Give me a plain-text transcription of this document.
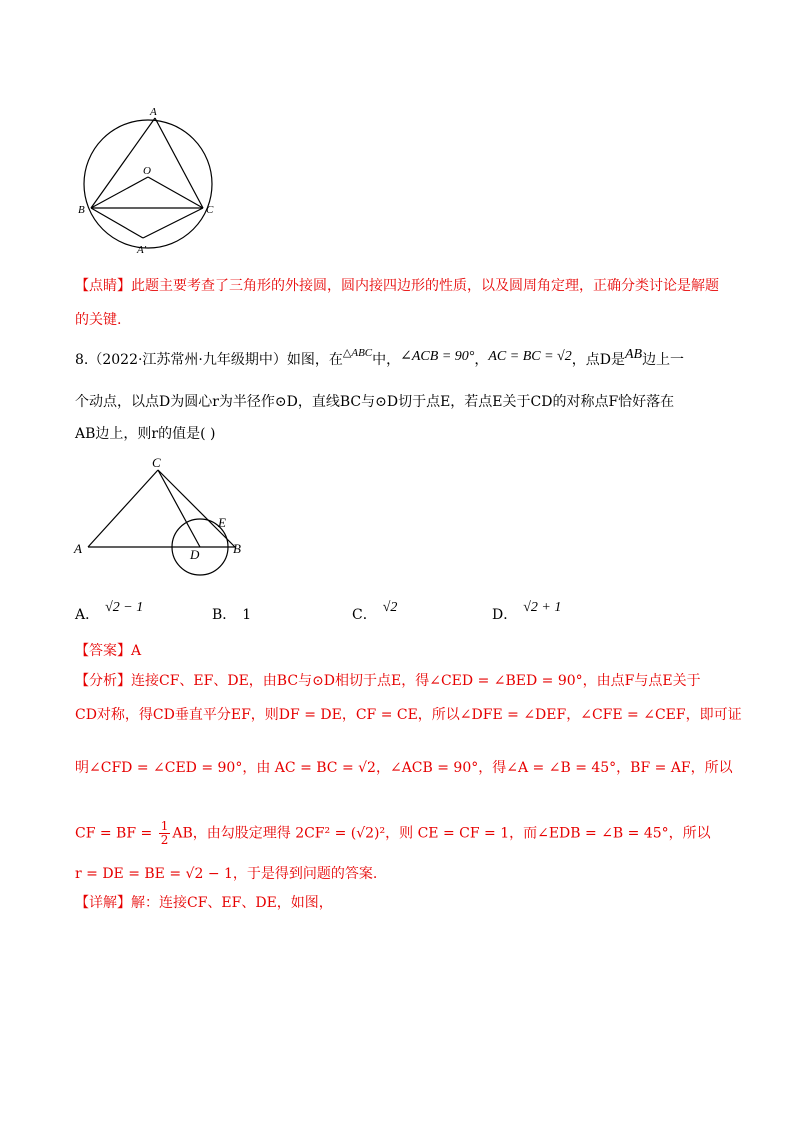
A
O
B	C
A'
【点睛】此题主要考查了三角形的外接圆，圆内接四边形的性质，以及圆周角定理，正确分类讨论是解题
的关键.
8.（2022·江苏常州·九年级期中）如图，在$^{\triangle ABC}$中，∠ACB = 90°，AC = BC = √2，点D是AB边上一
个动点，以点D为圆心r为半径作⊙D，直线BC与⊙D切于点E，若点E关于CD的对称点F恰好落在
AB边上，则r的值是( )
C
E
A	D	B
A． √2 − 1	B． 1	C． √2	D． √2 + 1
【答案】A
【分析】连接CF、EF、DE，由BC与⊙D相切于点E，得∠CED = ∠BED = 90°，由点F与点E关于
CD对称，得CD垂直平分EF，则DF = DE，CF = CE，所以∠DFE = ∠DEF，∠CFE = ∠CEF，即可证
明∠CFD = ∠CED = 90°，由 AC = BC = √2，∠ACB = 90°，得∠A = ∠B = 45°，BF = AF，所以
CF = BF = $\frac{1}{2}$ AB，由勾股定理得 2CF² = (√2)²，则 CE = CF = 1，而∠EDB = ∠B = 45°，所以
r = DE = BE = √2 − 1，于是得到问题的答案.
【详解】解：连接CF、EF、DE，如图，
